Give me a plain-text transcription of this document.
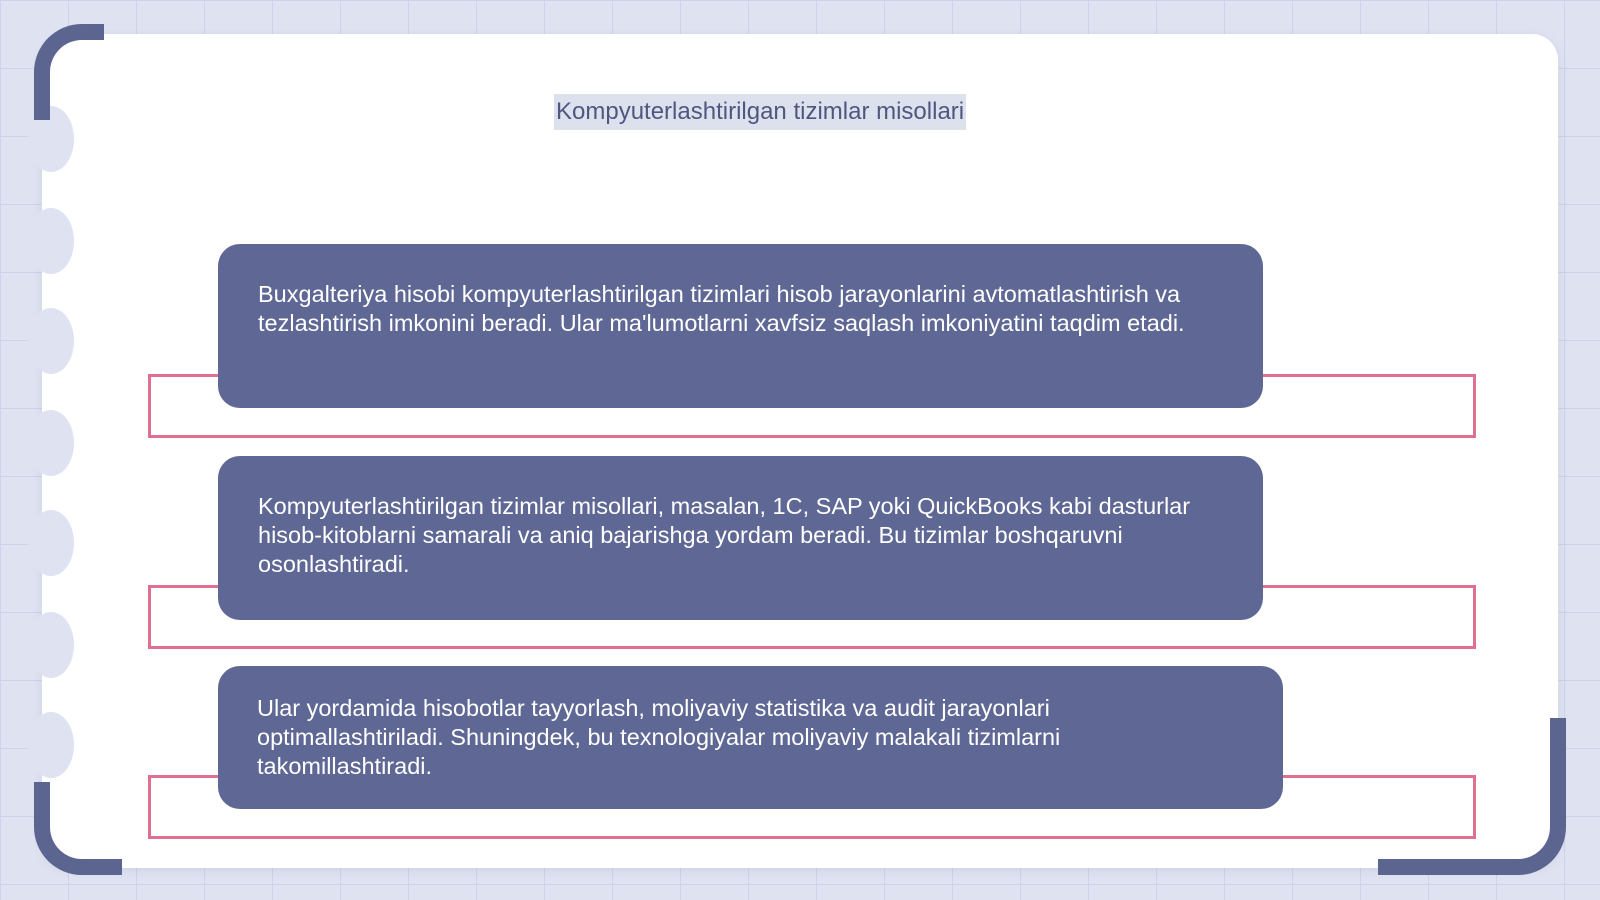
Kompyuterlashtirilgan tizimlar misollari
Buxgalteriya hisobi kompyuterlashtirilgan tizimlari hisob jarayonlarini avtomatlashtirish va tezlashtirish imkonini beradi. Ular ma'lumotlarni xavfsiz saqlash imkoniyatini taqdim etadi.
Kompyuterlashtirilgan tizimlar misollari, masalan, 1C, SAP yoki QuickBooks kabi dasturlar hisob-kitoblarni samarali va aniq bajarishga yordam beradi. Bu tizimlar boshqaruvni osonlashtiradi.
Ular yordamida hisobotlar tayyorlash, moliyaviy statistika va audit jarayonlari optimallashtiriladi. Shuningdek, bu texnologiyalar moliyaviy malakali tizimlarni takomillashtiradi.
